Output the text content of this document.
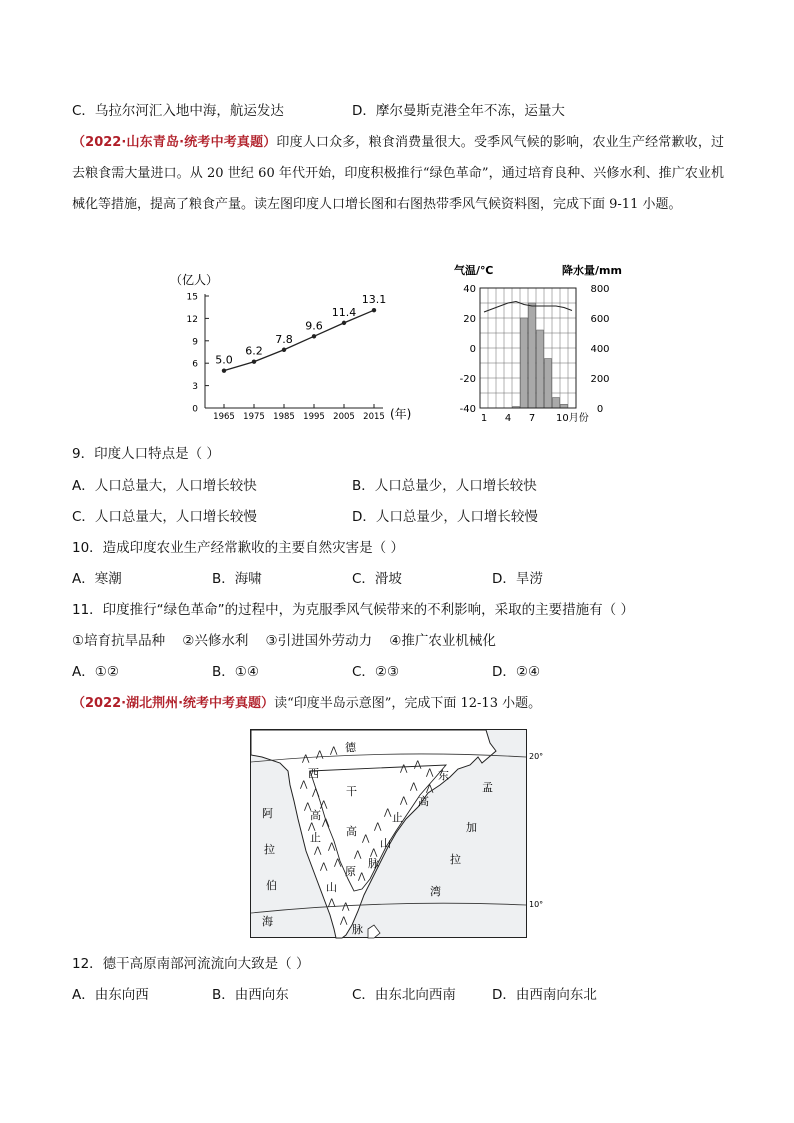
C．乌拉尔河汇入地中海，航运发达	D．摩尔曼斯克港全年不冻，运量大
（2022·山东青岛·统考中考真题）印度人口众多，粮食消费量很大。受季风气候的影响，农业生产经常歉收，过去粮食需大量进口。从 20 世纪 60 年代开始，印度积极推行“绿色革命”，通过培育良种、兴修水利、推广农业机械化等措施，提高了粮食产量。读左图印度人口增长图和右图热带季风气候资料图，完成下面 9-11 小题。
（亿人）
15
12
9
6
3
0
1965 1975 1985 1995 2005 2015
5.0
6.2
7.8
9.6
11.4
13.1
(年)
气温/℃	降水量/mm
40
20
0
-20
-40
800
600
400
200
0
1 4 7 10月份
9．印度人口特点是（ ）
A．人口总量大，人口增长较快	B．人口总量少，人口增长较快
C．人口总量大，人口增长较慢	D．人口总量少，人口增长较慢
10．造成印度农业生产经常歉收的主要自然灾害是（ ）
A．寒潮	B．海啸	C．滑坡	D．旱涝
11．印度推行“绿色革命”的过程中，为克服季风气候带来的不利影响，采取的主要措施有（ ）
①培育抗旱品种    ②兴修水利    ③引进国外劳动力    ④推广农业机械化
A．①②	B．①④	C．②③	D．②④
（2022·湖北荆州·统考中考真题）读“印度半岛示意图”，完成下面 12-13 小题。
20°
10°
⋀ ⋀ ⋀
⋀
⋀
⋀ ⋀
⋀ ⋀
⋀ ⋀
⋀ ⋀
⋀ ⋀
⋀
⋀ ⋀
⋀
⋀ ⋀
⋀
⋀
⋀
⋀
⋀
⋀
⋀
德
干
高
原
西
高
止
山
脉
东
高
止
山
脉
阿
拉
伯
海
孟
加
拉
湾
12．德干高原南部河流流向大致是（ ）
A．由东向西	B．由西向东	C．由东北向西南	D．由西南向东北
